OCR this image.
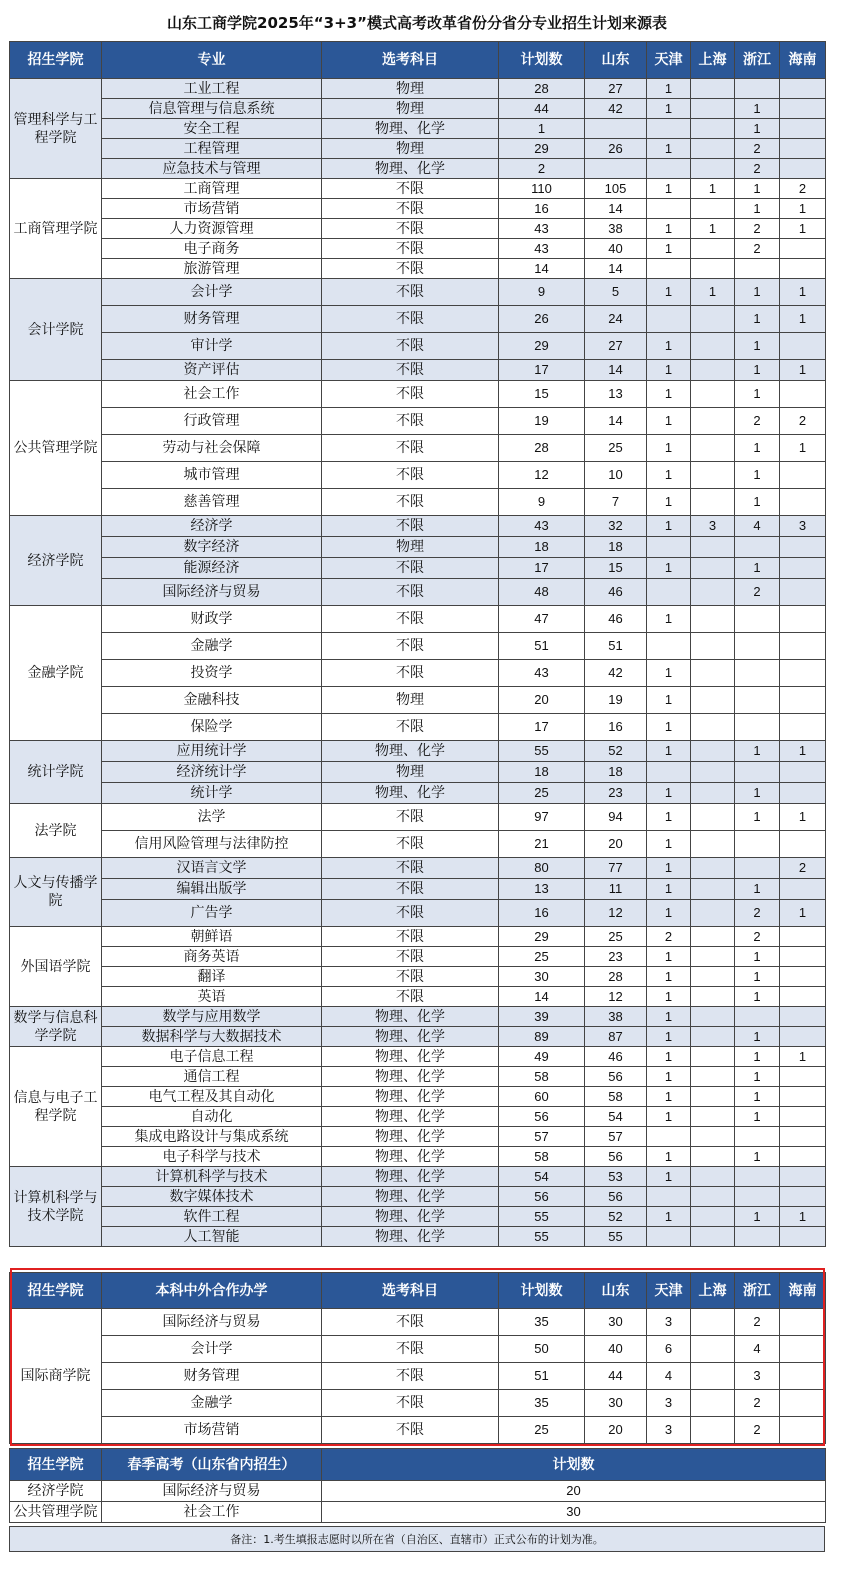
山东工商学院2025年“3+3”模式高考改革省份分省分专业招生计划来源表
招生学院	专业	选考科目	计划数	山东	天津	上海	浙江	海南
管理科学与工程学院	工业工程	物理	28	27	1			
	信息管理与信息系统	物理	44	42	1		1	
	安全工程	物理、化学	1				1	
	工程管理	物理	29	26	1		2	
	应急技术与管理	物理、化学	2				2	
工商管理学院	工商管理	不限	110	105	1	1	1	2
	市场营销	不限	16	14			1	1
	人力资源管理	不限	43	38	1	1	2	1
	电子商务	不限	43	40	1		2	
	旅游管理	不限	14	14				
会计学院	会计学	不限	9	5	1	1	1	1
	财务管理	不限	26	24			1	1
	审计学	不限	29	27	1		1	
	资产评估	不限	17	14	1		1	1
公共管理学院	社会工作	不限	15	13	1		1	
	行政管理	不限	19	14	1		2	2
	劳动与社会保障	不限	28	25	1		1	1
	城市管理	不限	12	10	1		1	
	慈善管理	不限	9	7	1		1	
经济学院	经济学	不限	43	32	1	3	4	3
	数字经济	物理	18	18				
	能源经济	不限	17	15	1		1	
	国际经济与贸易	不限	48	46			2	
金融学院	财政学	不限	47	46	1			
	金融学	不限	51	51				
	投资学	不限	43	42	1			
	金融科技	物理	20	19	1			
	保险学	不限	17	16	1			
统计学院	应用统计学	物理、化学	55	52	1		1	1
	经济统计学	物理	18	18				
	统计学	物理、化学	25	23	1		1	
法学院	法学	不限	97	94	1		1	1
	信用风险管理与法律防控	不限	21	20	1			
人文与传播学院	汉语言文学	不限	80	77	1			2
	编辑出版学	不限	13	11	1		1	
	广告学	不限	16	12	1		2	1
外国语学院	朝鲜语	不限	29	25	2		2	
	商务英语	不限	25	23	1		1	
	翻译	不限	30	28	1		1	
	英语	不限	14	12	1		1	
数学与信息科学学院	数学与应用数学	物理、化学	39	38	1			
	数据科学与大数据技术	物理、化学	89	87	1		1	
信息与电子工程学院	电子信息工程	物理、化学	49	46	1		1	1
	通信工程	物理、化学	58	56	1		1	
	电气工程及其自动化	物理、化学	60	58	1		1	
	自动化	物理、化学	56	54	1		1	
	集成电路设计与集成系统	物理、化学	57	57				
	电子科学与技术	物理、化学	58	56	1		1	
计算机科学与技术学院	计算机科学与技术	物理、化学	54	53	1			
	数字媒体技术	物理、化学	56	56				
	软件工程	物理、化学	55	52	1		1	1
	人工智能	物理、化学	55	55				
招生学院	本科中外合作办学	选考科目	计划数	山东	天津	上海	浙江	海南
国际商学院	国际经济与贸易	不限	35	30	3		2	
	会计学	不限	50	40	6		4	
	财务管理	不限	51	44	4		3	
	金融学	不限	35	30	3		2	
	市场营销	不限	25	20	3		2	
招生学院	春季高考（山东省内招生）	计划数
经济学院	国际经济与贸易	20
公共管理学院	社会工作	30
备注：1.考生填报志愿时以所在省（自治区、直辖市）正式公布的计划为准。
